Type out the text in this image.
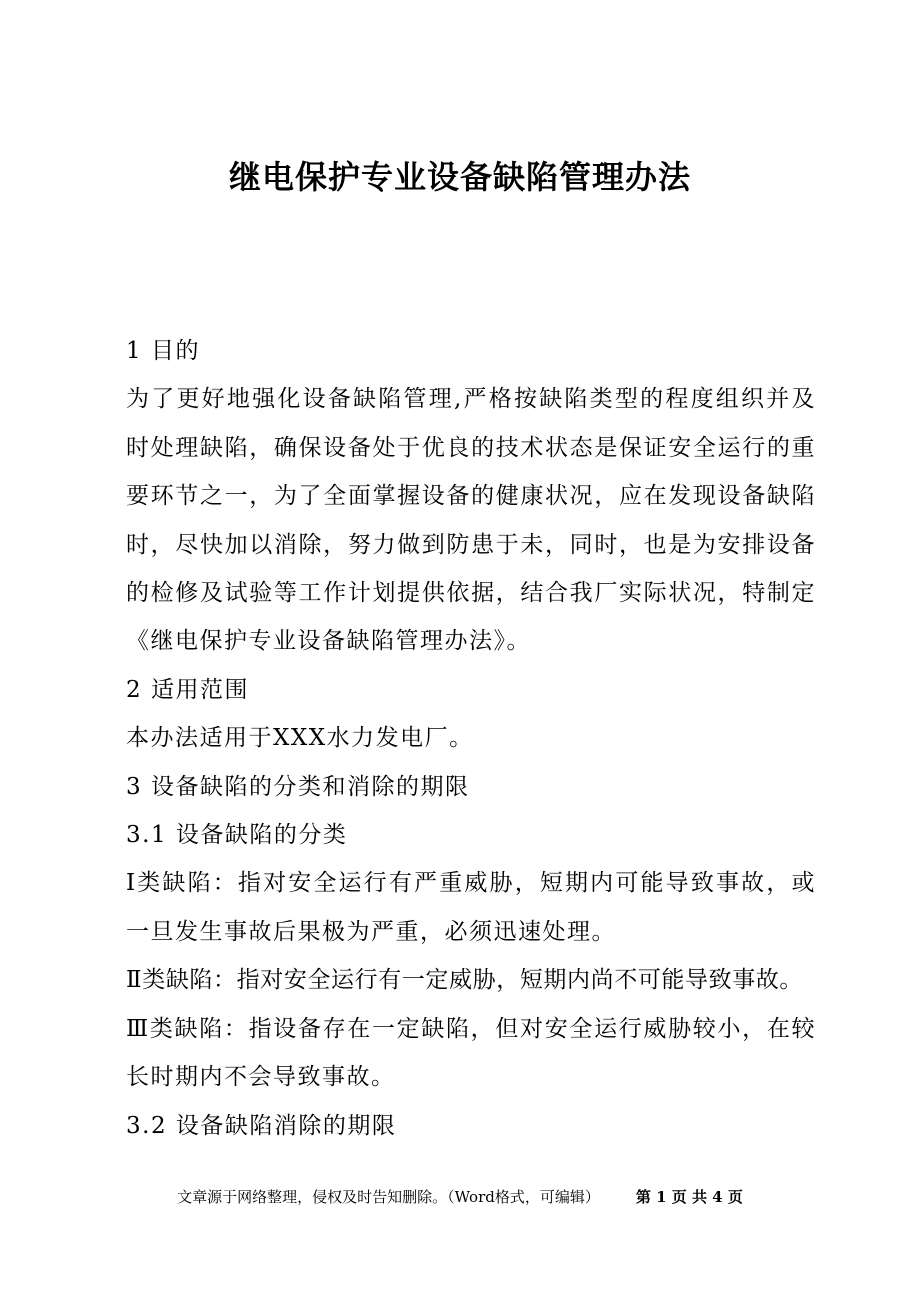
继电保护专业设备缺陷管理办法

1 目的

为了更好地强化设备缺陷管理,严格按缺陷类型的程度组织并及时处理缺陷，确保设备处于优良的技术状态是保证安全运行的重要环节之一，为了全面掌握设备的健康状况，应在发现设备缺陷时，尽快加以消除，努力做到防患于未，同时，也是为安排设备的检修及试验等工作计划提供依据，结合我厂实际状况，特制定《继电保护专业设备缺陷管理办法》。

2 适用范围

本办法适用于XXX水力发电厂。

3 设备缺陷的分类和消除的期限

3.1 设备缺陷的分类

Ⅰ类缺陷：指对安全运行有严重威胁，短期内可能导致事故，或一旦发生事故后果极为严重，必须迅速处理。

Ⅱ类缺陷：指对安全运行有一定威胁，短期内尚不可能导致事故。

Ⅲ类缺陷：指设备存在一定缺陷，但对安全运行威胁较小，在较长时期内不会导致事故。

3.2 设备缺陷消除的期限

文章源于网络整理，侵权及时告知删除。（Word格式，可编辑） 第 1 页 共 4 页
